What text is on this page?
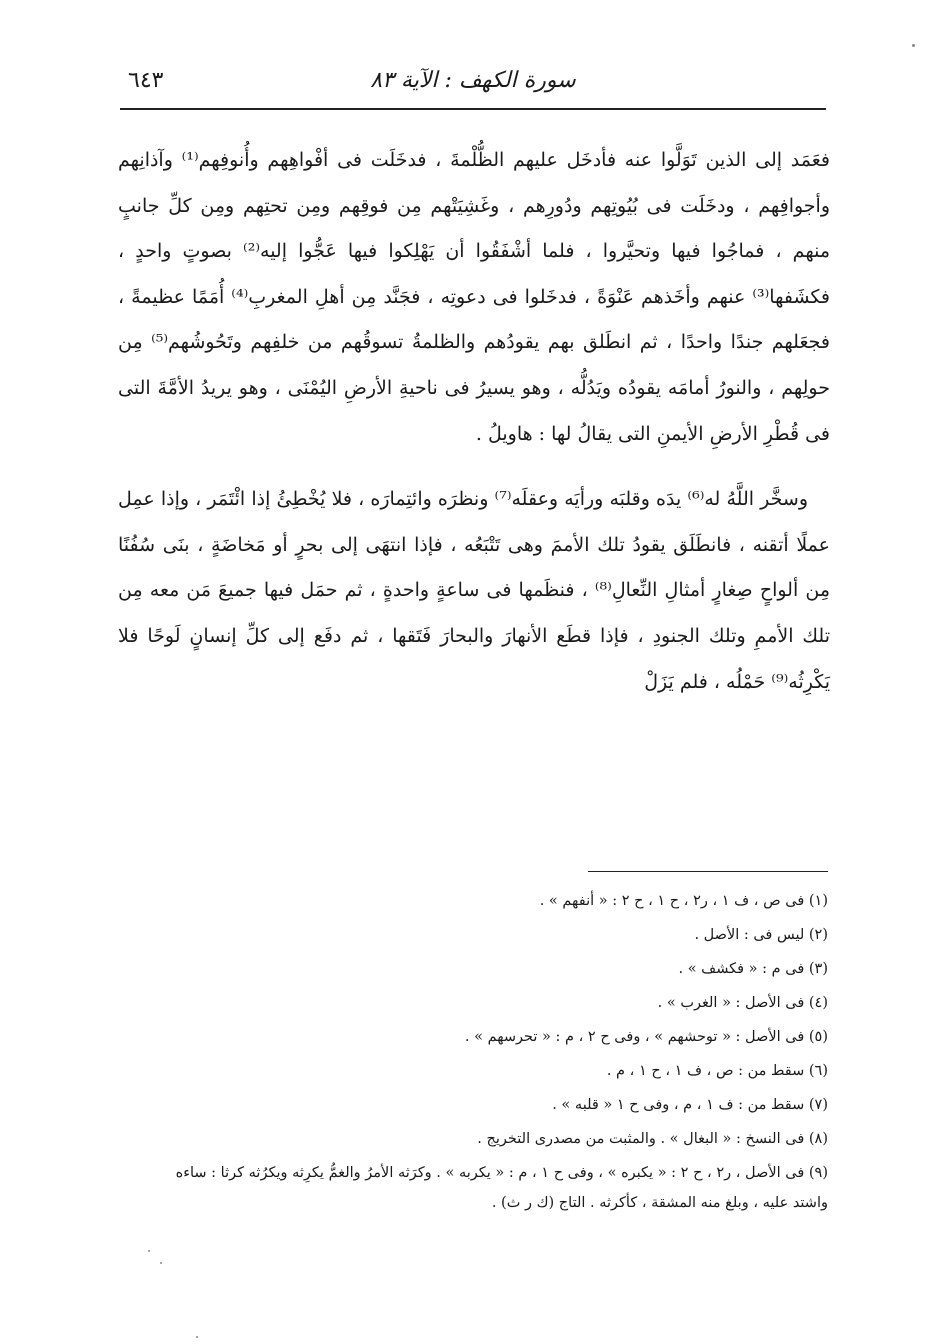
٦٤٣	سورة الكهف : الآية ٨٣

فعَمَد إلى الذين تَوَلَّوا عنه فأدخَل عليهم الظُّلْمةَ ، فدخَلَت فى أفْواهِهم وأُنوفِهم⁽¹⁾ وآذانِهم وأجوافِهم ، ودخَلَت فى بُيُوتِهم ودُورِهم ، وغَشِيَتْهم مِن فوقِهم ومِن تحتِهم ومِن كلِّ جانبٍ منهم ، فماجُوا فيها وتحيَّروا ، فلما أشْفَقُوا أن يَهْلِكوا فيها عَجُّوا إليه⁽²⁾ بصوتٍ واحدٍ ، فكشَفها⁽³⁾ عنهم وأخَذهم عَنْوَةً ، فدخَلوا فى دعوتِه ، فجَنَّد مِن أهلِ المغربِ⁽⁴⁾ أُمَمًا عظيمةً ، فجعَلهم جندًا واحدًا ، ثم انطَلق بهم يقودُهم والظلمةُ تسوقُهم من خلفِهم وتَحُوشُهم⁽⁵⁾ مِن حولِهم ، والنورُ أمامَه يقودُه ويَدُلُّه ، وهو يسيرُ فى ناحيةِ الأرضِ اليُمْنَى ، وهو يريدُ الأمَّةَ التى فى قُطْرِ الأرضِ الأيمنِ التى يقالُ لها : هاويلُ .

وسخَّر اللَّهُ له⁽⁶⁾ يدَه وقلبَه ورأيَه وعقلَه⁽⁷⁾ ونظرَه وائتِمارَه ، فلا يُخْطِئُ إذا ائْتَمَر ، وإذا عمِل عملًا أتقنه ، فانطَلَق يقودُ تلك الأممَ وهى تَتْبَعُه ، فإذا انتهَى إلى بحرٍ أو مَخاضَةٍ ، بنَى سُفُنًا مِن ألواحٍ صِغارٍ أمثالِ النِّعالِ⁽⁸⁾ ، فنظَمها فى ساعةٍ واحدةٍ ، ثم حمَل فيها جميعَ مَن معه مِن تلك الأممِ وتلك الجنودِ ، فإذا قطَع الأنهارَ والبحارَ فَتَقها ، ثم دفَع إلى كلِّ إنسانٍ لَوحًا فلا يَكْرِثُه⁽⁹⁾ حَمْلُه ، فلم يَزَلْ

(١) فى ص ، ف ١ ، ر٢ ، ح ١ ، ح ٢ : « أنفهم » .

(٢) ليس فى : الأصل .

(٣) فى م : « فكشف » .

(٤) فى الأصل : « الغرب » .

(٥) فى الأصل : « توحشهم » ، وفى ح ٢ ، م : « تحرسهم » .

(٦) سقط من : ص ، ف ١ ، ح ١ ، م .

(٧) سقط من : ف ١ ، م ، وفى ح ١ « قلبه » .

(٨) فى النسخ : « البغال » . والمثبت من مصدرى التخريج .

(٩) فى الأصل ، ر٢ ، ح ٢ : « يكبره » ، وفى ح ١ ، م : « يكربه » . وكرَثه الأمرُ والغمُّ يكرِثه ويكرُثه كرثا : ساءه واشتد عليه ، وبلغ منه المشقة ، كأكرثه . التاج (ك ر ث) .
